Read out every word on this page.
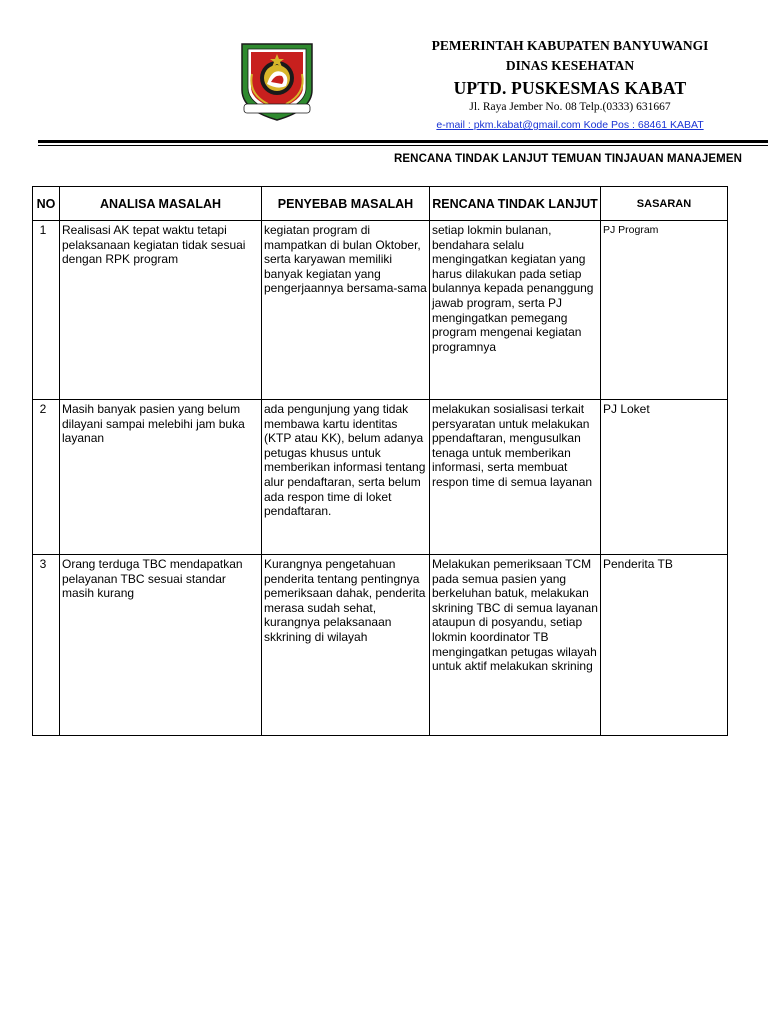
PEMERINTAH KABUPATEN BANYUWANGI
DINAS KESEHATAN
UPTD. PUSKESMAS KABAT
Jl. Raya Jember No. 08 Telp.(0333) 631667
e-mail : pkm.kabat@gmail.com Kode Pos : 68461 KABAT
RENCANA TINDAK LANJUT TEMUAN TINJAUAN MANAJEMEN
NO	ANALISA MASALAH	PENYEBAB MASALAH	RENCANA TINDAK LANJUT	SASARAN
1	Realisasi AK tepat waktu tetapi pelaksanaan kegiatan tidak sesuai dengan RPK program	kegiatan program di mampatkan di bulan Oktober, serta karyawan memiliki banyak kegiatan yang pengerjaannya bersama-sama	setiap lokmin bulanan, bendahara selalu mengingatkan kegiatan yang harus dilakukan pada setiap bulannya kepada penanggung jawab program, serta PJ mengingatkan pemegang program mengenai kegiatan programnya	PJ Program
2	Masih banyak pasien yang belum dilayani sampai melebihi jam buka layanan	ada pengunjung yang tidak membawa kartu identitas (KTP atau KK), belum adanya petugas khusus untuk memberikan informasi tentang alur pendaftaran, serta belum ada respon time di loket pendaftaran.	melakukan sosialisasi terkait persyaratan untuk melakukan ppendaftaran, mengusulkan tenaga untuk memberikan informasi, serta membuat respon time di semua layanan	PJ Loket
3	Orang terduga TBC mendapatkan pelayanan TBC sesuai standar masih kurang	Kurangnya pengetahuan penderita tentang pentingnya pemeriksaan dahak, penderita merasa sudah sehat, kurangnya pelaksanaan skkrining di wilayah	Melakukan pemeriksaan TCM pada semua pasien yang berkeluhan batuk, melakukan skrining TBC di semua layanan ataupun di posyandu, setiap lokmin koordinator TB mengingatkan petugas wilayah untuk aktif melakukan skrining	Penderita TB
